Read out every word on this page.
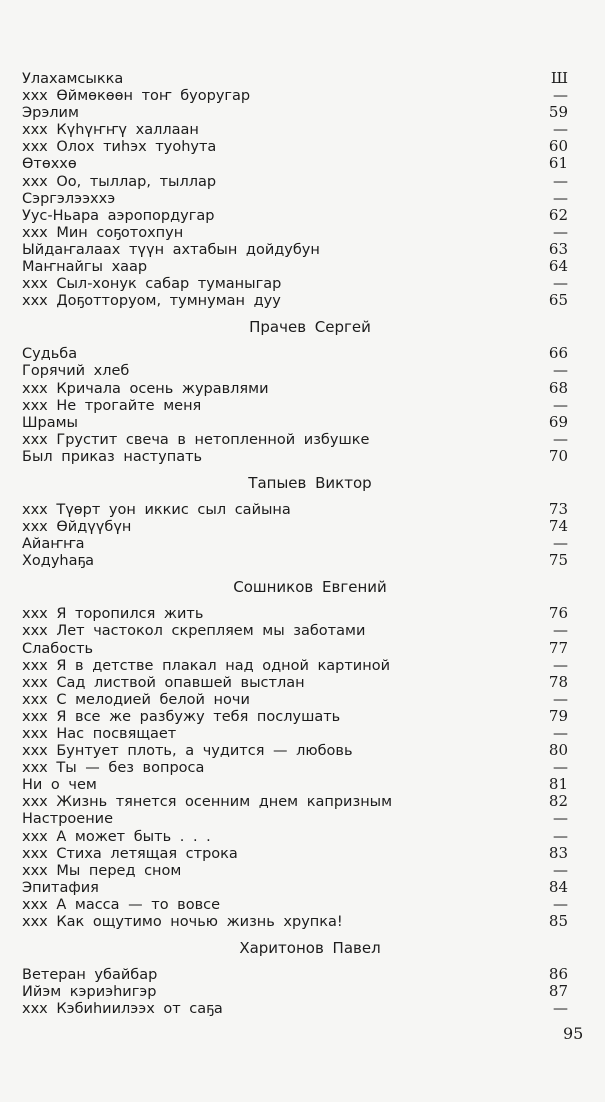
Улахамсыкка	Ш
xxx Өймөкөөн тоҥ буоругар	—
Эрэлим	59
xxx Күһүҥҥү халлаан	—
xxx Олох тиһэх туоһута	60
Өтөххө	61
xxx Оо, тыллар, тыллар	—
Сэргэлээххэ	—
Уус-Ньара аэропордугар	62
xxx Мин соҕотохпун	—
Ыйдаҥалаах түүн ахтабын дойдубун	63
Маҥнайгы хаар	64
xxx Сыл-хонук сабар туманыгар	—
xxx Доҕотторуом, тумнуман дуу	65
Прачев Сергей
Судьба	66
Горячий хлеб	—
xxx Кричала осень журавлями	68
xxx Не трогайте меня	—
Шрамы	69
xxx Грустит свеча в нетопленной избушке	—
Был приказ наступать	70
Тапыев Виктор
xxx Түөрт уон иккис сыл сайына	73
xxx Өйдүүбүн	74
Айаҥҥа	—
Ходуһаҕа	75
Сошников Евгений
xxx Я торопился жить	76
xxx Лет частокол скрепляем мы заботами	—
Слабость	77
xxx Я в детстве плакал над одной картиной	—
xxx Сад листвой опавшей выстлан	78
xxx С мелодией белой ночи	—
xxx Я все же разбужу тебя послушать	79
xxx Нас посвящает	—
xxx Бунтует плоть, а чудится — любовь	80
xxx Ты — без вопроса	—
Ни о чем	81
xxx Жизнь тянется осенним днем капризным	82
Настроение	—
xxx А может быть . . .	—
xxx Стиха летящая строка	83
xxx Мы перед сном	—
Эпитафия	84
xxx А масса — то вовсе	—
xxx Как ощутимо ночью жизнь хрупка!	85
Харитонов Павел
Ветеран убайбар	86
Ийэм кэриэһигэр	87
xxx Кэбиһиилээх от саҕа	—
95
